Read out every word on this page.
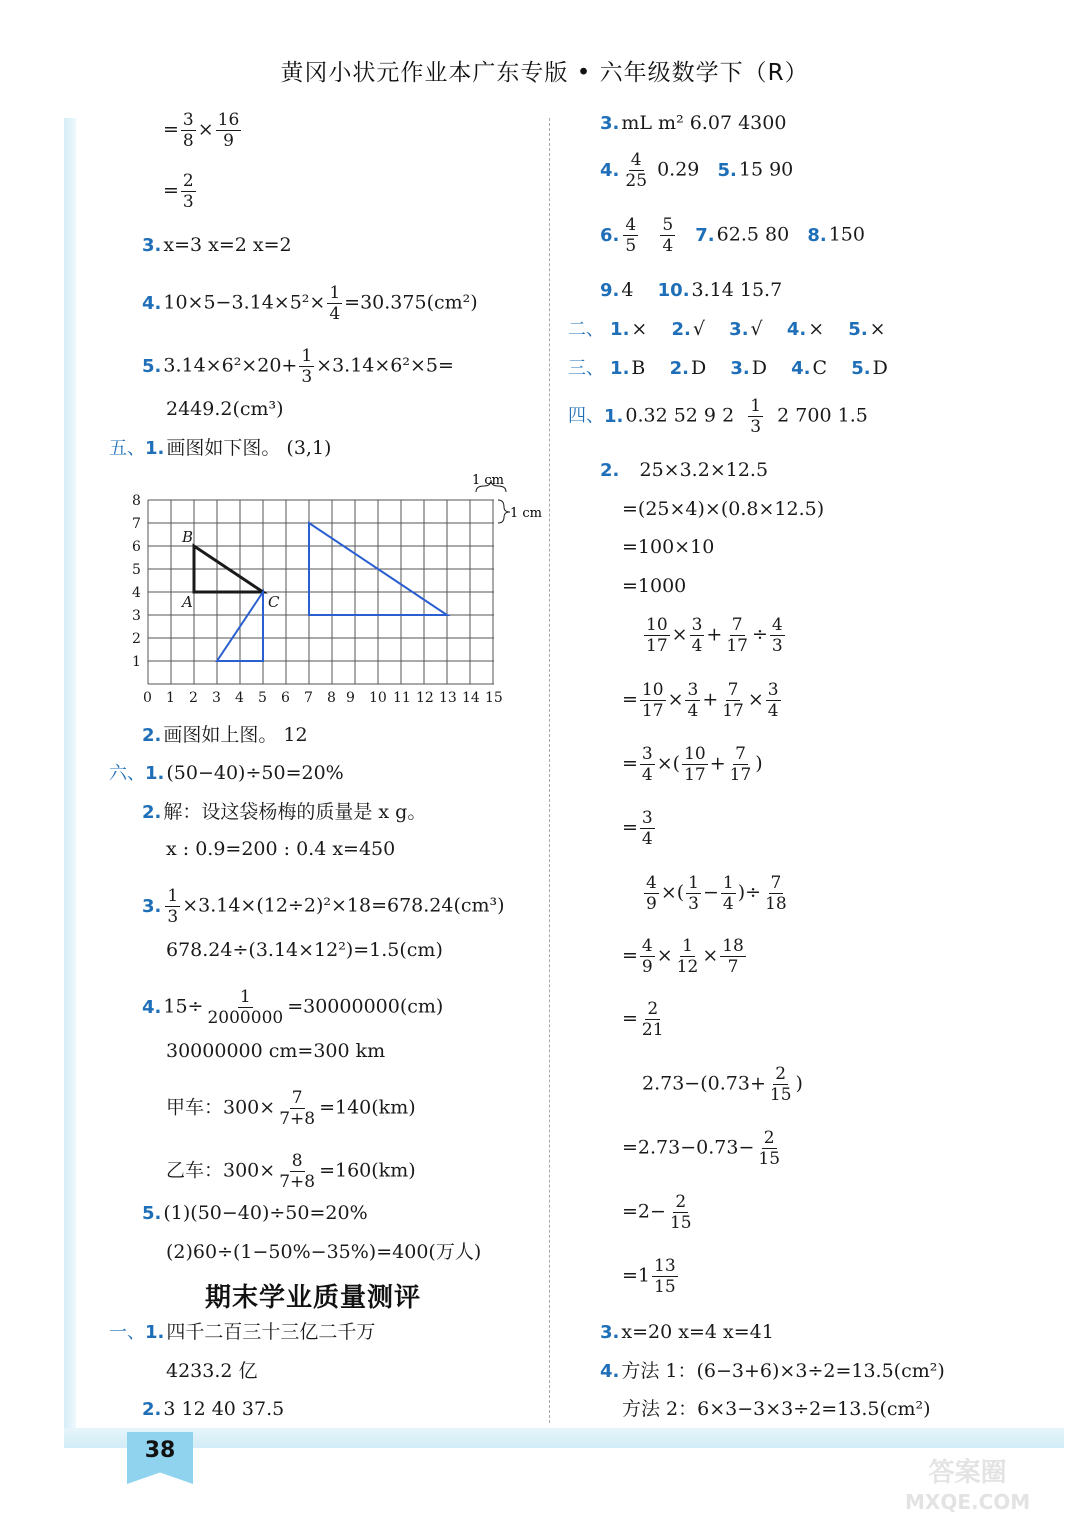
黄冈小状元作业本广东专版 • 六年级数学下（R）
= $\frac{3}{8} \times \frac{16}{9}$
= $\frac{2}{3}$
3. x=3 x=2 x=2
4. $10\times 5-3.14\times 5^2\times \frac{1}{4} =30.375(cm^2)$
5. $3.14\times 6^2\times 20+ \frac{1}{3} \times 3.14\times 6^2\times 5=$
2449.2(cm³)
五、1. 画图如下图。 (3,1)
1
2
3
4
5
6
7
8
0 1 2 3 4 5 6 7 8 9 10 11 12 13 14 15
B
A	C
1 cm
1 cm
2. 画图如上图。 12
六、1. (50−40)÷50=20%
2. 解：设这袋杨梅的质量是 x g。
x : 0.9=200 : 0.4 x=450
3. $\frac{1}{3} \times 3.14\times(12\div 2)^2\times 18=678.24(cm^3)$
678.24÷(3.14×12²)=1.5(cm)
4. $15\div \frac{1}{2000000} =30000000(cm)$
30000000 cm=300 km
甲车：$300\times \frac{7}{7+8} =140(km)$
乙车：$300\times \frac{8}{7+8} =160(km)$
5. (1)(50−40)÷50=20%
(2)60÷(1−50%−35%)=400(万人)
期末学业质量测评
一、1. 四千二百三十三亿二千万
4233.2 亿
2. 3 12 40 37.5
3. mL m² 6.07 4300
4. $\frac{4}{25} 0.29$ 5. 15 90
6. $\frac{4}{5}$
$\frac{5}{4} 7$. 62.5 80 8. 150
9. 4 10. 3.14 15.7
二、 1. × 2. √ 3. √ 4. × 5. ×
三、 1. B 2. D 3. D 4. C 5. D
四、1. 0.32 52 9 $2 \frac{1}{3} 2$ 700 1.5
2. 25×3.2×12.5
=(25×4)×(0.8×12.5)
=100×10
=1000
$\frac{10}{17} \times \frac{3}{4} + \frac{7}{17} \div \frac{4}{3}$
= $\frac{10}{17} \times \frac{3}{4} + \frac{7}{17} \times \frac{3}{4}$
= $\frac{3}{4}$ ×( $\frac{10}{17} + \frac{7}{17}$ )
= $\frac{3}{4}$
$\frac{4}{9}$ ×( $\frac{1}{3} - \frac{1}{4}$ )÷ $\frac{7}{18}$
= $\frac{4}{9} \times \frac{1}{12} \times \frac{18}{7}$
= $\frac{2}{21}$
$2.73-(0.73+ \frac{2}{15}$ )
$=2.73-0.73- \frac{2}{15}$
$=2- \frac{2}{15}$
$=1 \frac{13}{15}$
3. x=20 x=4 x=41
4. 方法 1：(6−3+6)×3÷2=13.5(cm²)
方法 2：6×3−3×3÷2=13.5(cm²)
38
答案圈
MXQE.COM
